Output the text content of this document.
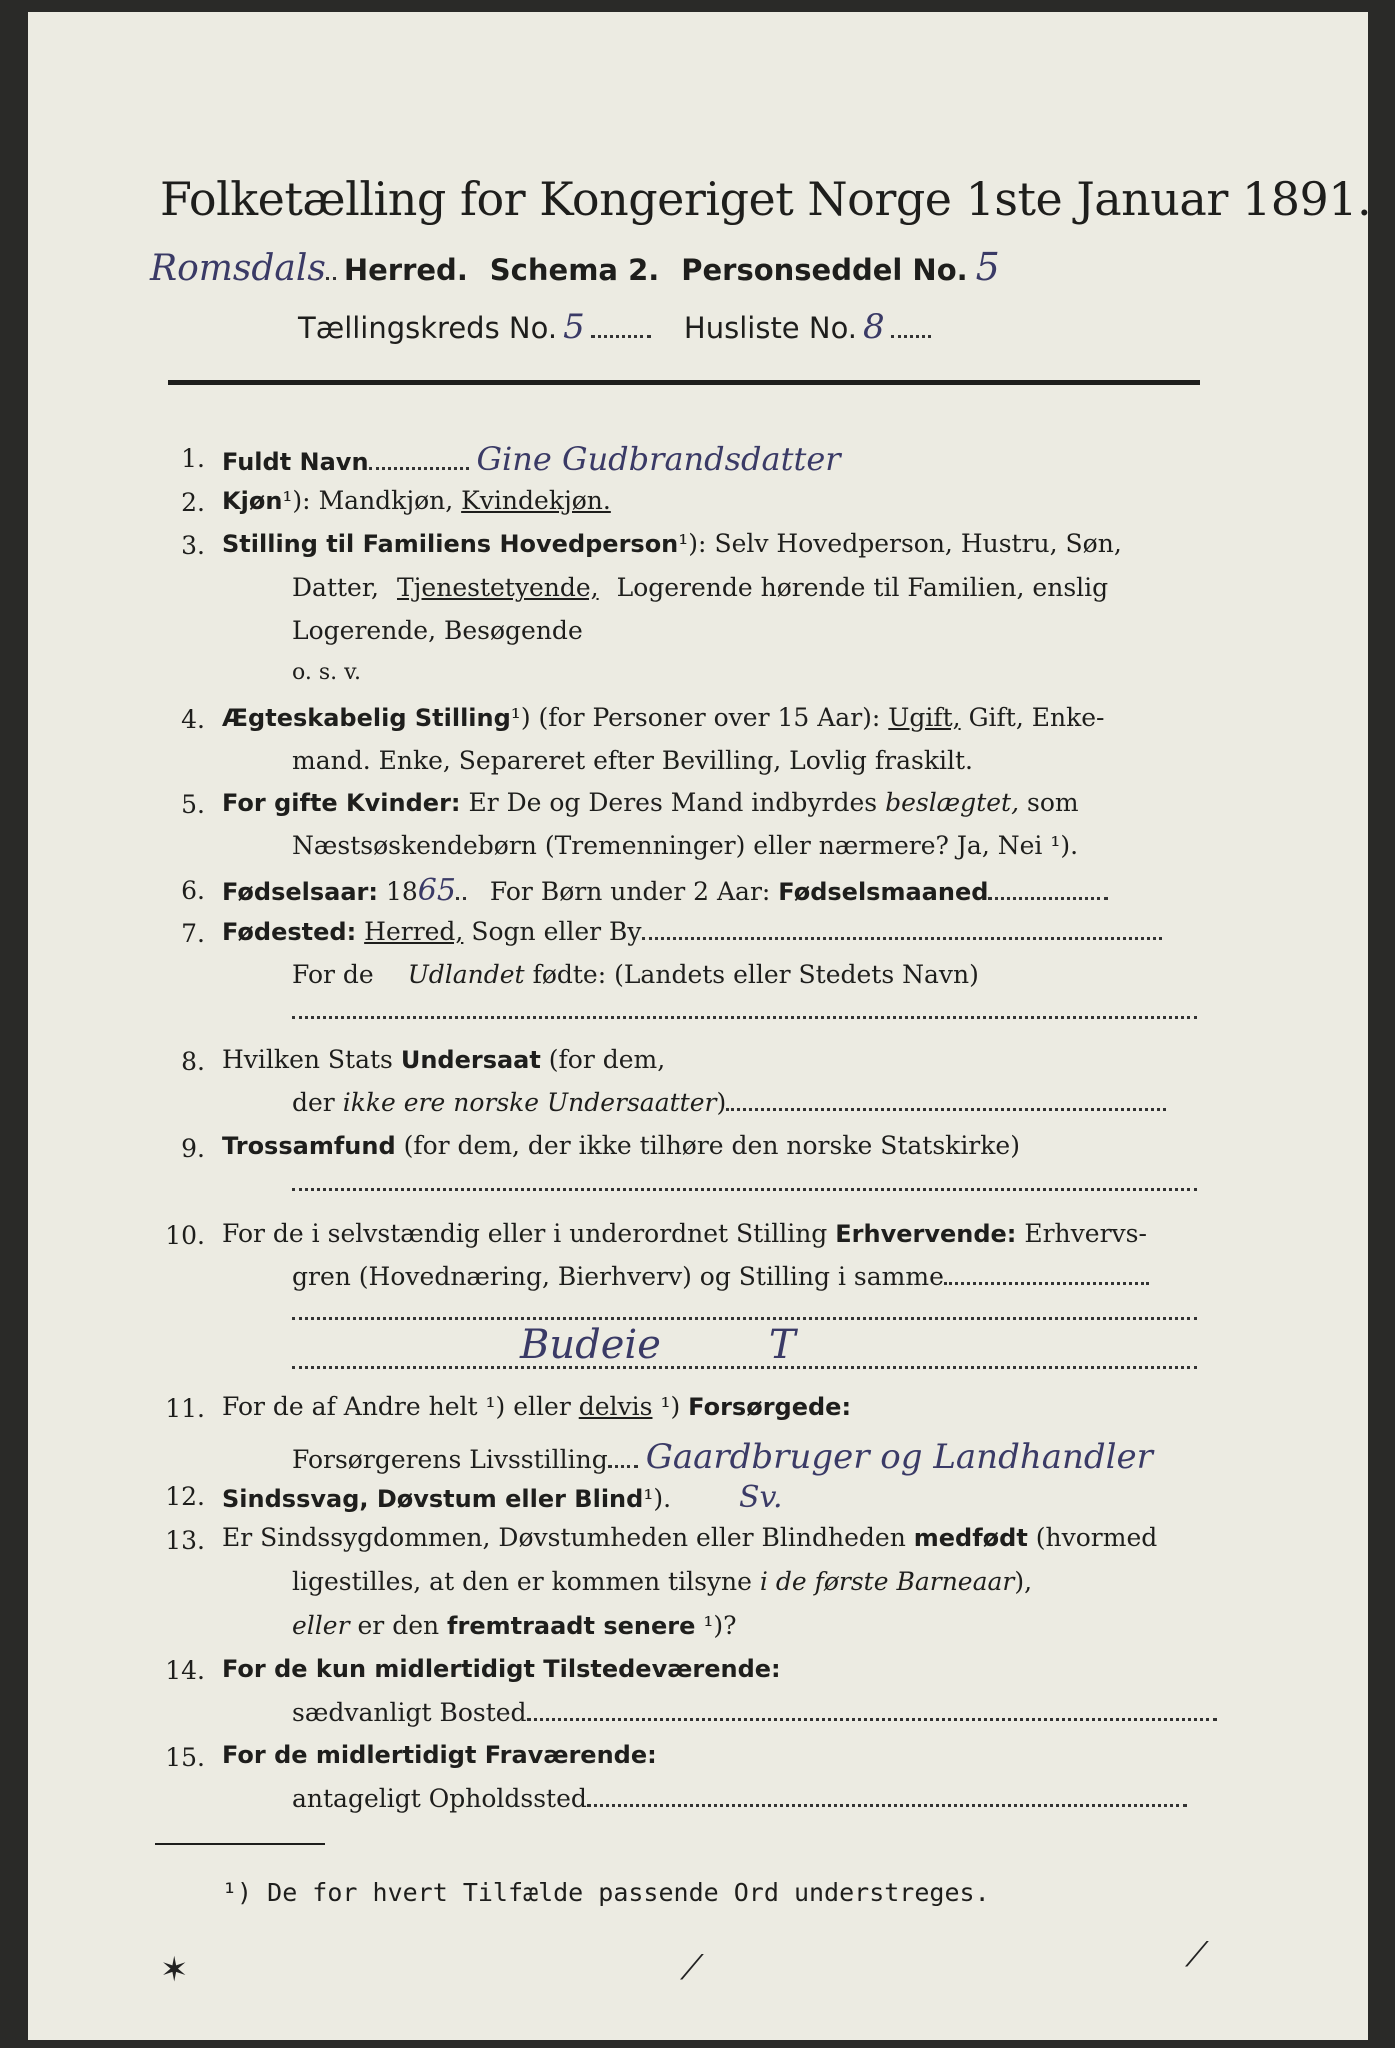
Folketælling for Kongeriget Norge 1ste Januar 1891.
Romsdals Herred. Schema 2. Personseddel No. 5
Tællingskreds No. 5	Husliste No. 8
1. Fuldt Navn	Gine Gudbrandsdatter
2. Kjøn¹): Mandkjøn, Kvindekjøn.
3. Stilling til Familiens Hovedperson¹): Selv Hovedperson, Hustru, Søn,
Datter, Tjenestetyende, Logerende hørende til Familien, enslig
Logerende, Besøgende
o. s. v.
4. Ægteskabelig Stilling¹) (for Personer over 15 Aar): Ugift, Gift, Enke-
mand. Enke, Separeret efter Bevilling, Lovlig fraskilt.
5. For gifte Kvinder: Er De og Deres Mand indbyrdes beslægtet, som
Næstsøskendebørn (Tremenninger) eller nærmere? Ja, Nei ¹).
6. Fødselsaar: 1865 For Børn under 2 Aar: Fødselsmaaned
7. Fødested: Herred, Sogn eller By
For de Udlandet fødte: (Landets eller Stedets Navn)
8. Hvilken Stats Undersaat (for dem,
der ikke ere norske Undersaatter)
9. Trossamfund (for dem, der ikke tilhøre den norske Statskirke)
10. For de i selvstændig eller i underordnet Stilling Erhvervende: Erhvervs-
gren (Hovednæring, Bierhverv) og Stilling i samme
Budeie	T
11. For de af Andre helt ¹) eller delvis ¹) Forsørgede:
Forsørgerens Livsstilling Gaardbruger og Landhandler
12. Sindssvag, Døvstum eller Blind¹). Sv.
13. Er Sindssygdommen, Døvstumheden eller Blindheden medfødt (hvormed
ligestilles, at den er kommen tilsyne i de første Barneaar),
eller er den fremtraadt senere ¹)?
14. For de kun midlertidigt Tilstedeværende:
sædvanligt Bosted
15. For de midlertidigt Fraværende:
antageligt Opholdssted
¹) De for hvert Tilfælde passende Ord understreges.
✶	⟋	⟋
